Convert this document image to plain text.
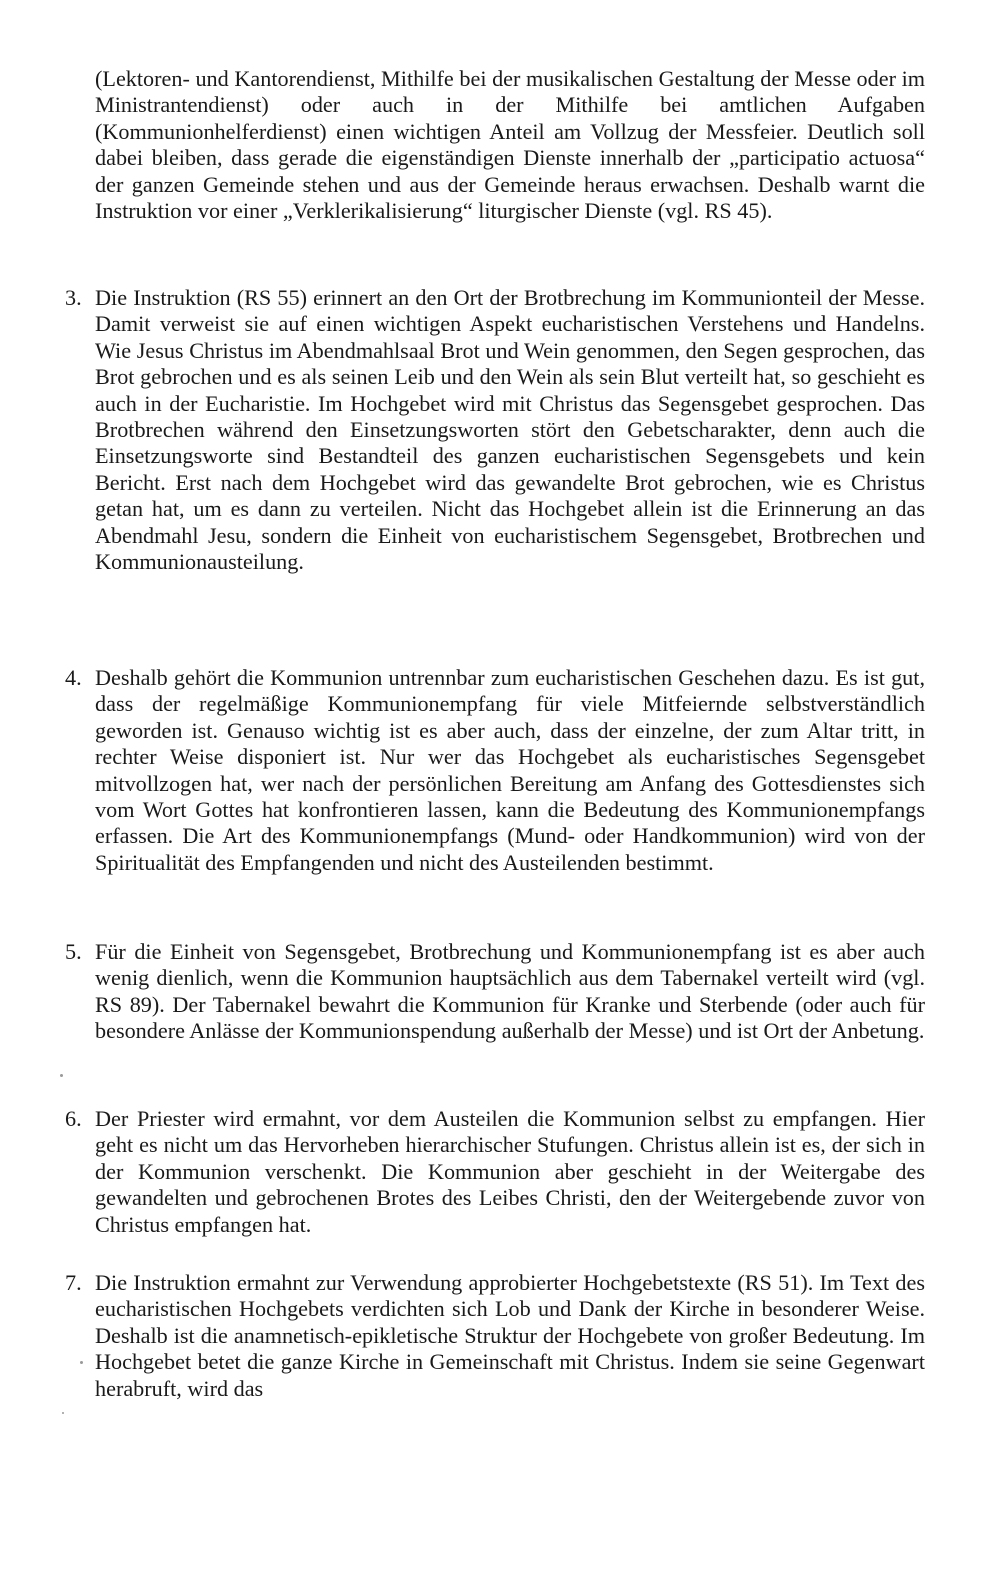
(Lektoren- und Kantorendienst, Mithilfe bei der musikalischen Gestaltung der Messe oder im Ministrantendienst) oder auch in der Mithilfe bei amtlichen Aufgaben (Kommunionhelferdienst) einen wichtigen Anteil am Vollzug der Messfeier. Deutlich soll dabei bleiben, dass gerade die eigenständigen Dienste innerhalb der „participatio actuosa“ der ganzen Gemeinde stehen und aus der Gemeinde heraus erwachsen. Deshalb warnt die Instruktion vor einer „Verklerikalisierung“ liturgischer Dienste (vgl. RS 45).

3. Die Instruktion (RS 55) erinnert an den Ort der Brotbrechung im Kommunionteil der Messe. Damit verweist sie auf einen wichtigen Aspekt eucharistischen Verstehens und Handelns. Wie Jesus Christus im Abendmahlsaal Brot und Wein genommen, den Segen gesprochen, das Brot gebrochen und es als seinen Leib und den Wein als sein Blut verteilt hat, so geschieht es auch in der Eucharistie. Im Hochgebet wird mit Christus das Segensgebet gesprochen. Das Brotbrechen während den Einsetzungsworten stört den Gebetscharakter, denn auch die Einsetzungsworte sind Bestandteil des ganzen eucharistischen Segensgebets und kein Bericht. Erst nach dem Hochgebet wird das gewandelte Brot gebrochen, wie es Christus getan hat, um es dann zu verteilen. Nicht das Hochgebet allein ist die Erinnerung an das Abendmahl Jesu, sondern die Einheit von eucharistischem Segensgebet, Brotbrechen und Kommunionausteilung.
4. Deshalb gehört die Kommunion untrennbar zum eucharistischen Geschehen dazu. Es ist gut, dass der regelmäßige Kommunionempfang für viele Mitfeiernde selbstverständlich geworden ist. Genauso wichtig ist es aber auch, dass der einzelne, der zum Altar tritt, in rechter Weise disponiert ist. Nur wer das Hochgebet als eucharistisches Segensgebet mitvollzogen hat, wer nach der persönlichen Bereitung am Anfang des Gottesdienstes sich vom Wort Gottes hat konfrontieren lassen, kann die Bedeutung des Kommunionempfangs erfassen. Die Art des Kommunionempfangs (Mund- oder Handkommunion) wird von der Spiritualität des Empfangenden und nicht des Austeilenden bestimmt.
5. Für die Einheit von Segensgebet, Brotbrechung und Kommunionempfang ist es aber auch wenig dienlich, wenn die Kommunion hauptsächlich aus dem Tabernakel verteilt wird (vgl. RS 89). Der Tabernakel bewahrt die Kommunion für Kranke und Sterbende (oder auch für besondere Anlässe der Kommunionspendung außerhalb der Messe) und ist Ort der Anbetung.
6. Der Priester wird ermahnt, vor dem Austeilen die Kommunion selbst zu empfangen. Hier geht es nicht um das Hervorheben hierarchischer Stufungen. Christus allein ist es, der sich in der Kommunion verschenkt. Die Kommunion aber geschieht in der Weitergabe des gewandelten und gebrochenen Brotes des Leibes Christi, den der Weitergebende zuvor von Christus empfangen hat.
7. Die Instruktion ermahnt zur Verwendung approbierter Hochgebetstexte (RS 51). Im Text des eucharistischen Hochgebets verdichten sich Lob und Dank der Kirche in besonderer Weise. Deshalb ist die anamnetisch-epikletische Struktur der Hochgebete von großer Bedeutung. Im Hochgebet betet die ganze Kirche in Gemeinschaft mit Christus. Indem sie seine Gegenwart herabruft, wird das
